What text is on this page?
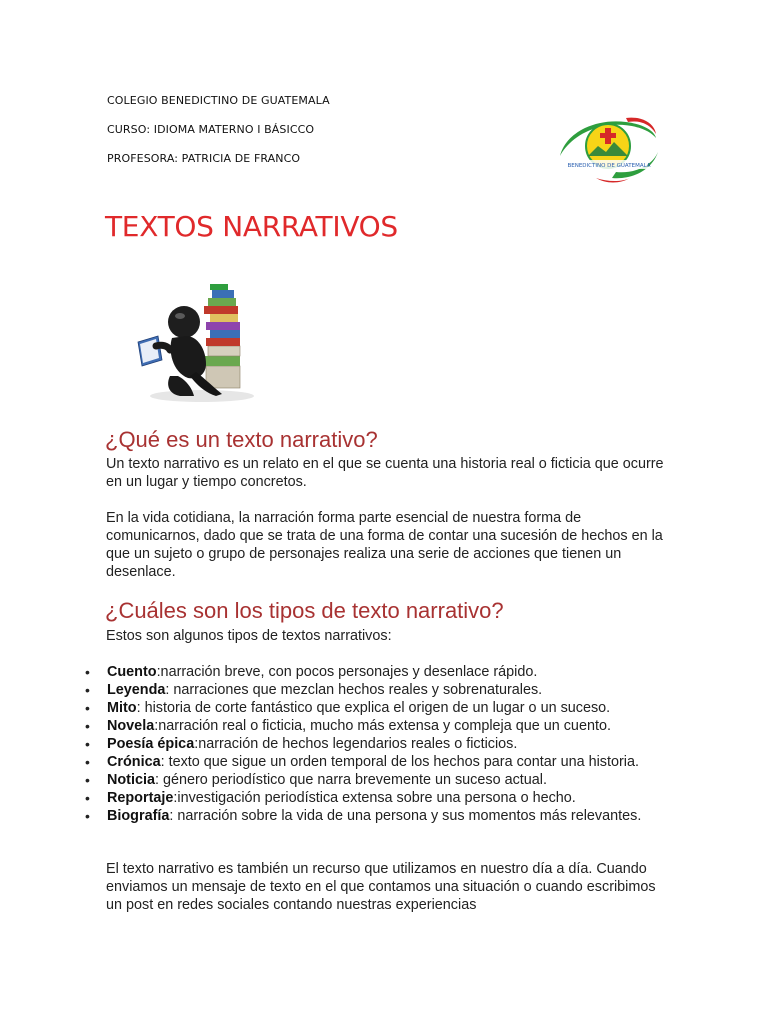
COLEGIO BENEDICTINO DE GUATEMALA
CURSO: IDIOMA MATERNO I BÁSICCO
PROFESORA: PATRICIA DE FRANCO
BENEDICTINO DE GUATEMALA
TEXTOS NARRATIVOS
¿Qué es un texto narrativo?

Un texto narrativo es un relato en el que se cuenta una historia real o ficticia que ocurre en un lugar y tiempo concretos.

En la vida cotidiana, la narración forma parte esencial de nuestra forma de comunicarnos, dado que se trata de una forma de contar una sucesión de hechos en la que un sujeto o grupo de personajes realiza una serie de acciones que tienen un desenlace.

¿Cuáles son los tipos de texto narrativo?

Estos son algunos tipos de textos narrativos:

• Cuento:narración breve, con pocos personajes y desenlace rápido.
• Leyenda: narraciones que mezclan hechos reales y sobrenaturales.
• Mito: historia de corte fantástico que explica el origen de un lugar o un suceso.
• Novela:narración real o ficticia, mucho más extensa y compleja que un cuento.
• Poesía épica:narración de hechos legendarios reales o ficticios.
• Crónica: texto que sigue un orden temporal de los hechos para contar una historia.
• Noticia: género periodístico que narra brevemente un suceso actual.
• Reportaje:investigación periodística extensa sobre una persona o hecho.
• Biografía: narración sobre la vida de una persona y sus momentos más relevantes.

El texto narrativo es también un recurso que utilizamos en nuestro día a día. Cuando enviamos un mensaje de texto en el que contamos una situación o cuando escribimos un post en redes sociales contando nuestras experiencias
